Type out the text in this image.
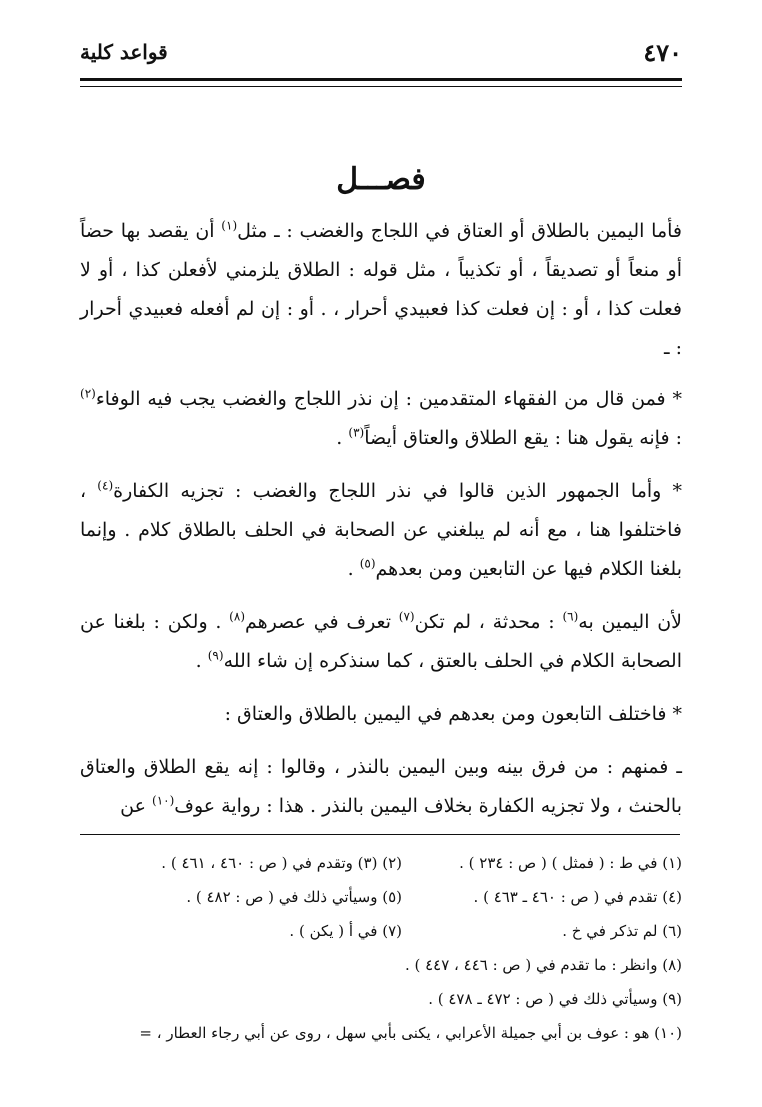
٤٧٠
قواعد كلية
فصـــل

فأما اليمين بالطلاق أو العتاق في اللجاج والغضب : ـ مثل$^{(١)}$ أن يقصد بها حضاً أو منعاً أو تصديقاً ، أو تكذيباً ، مثل قوله : الطلاق يلزمني لأفعلن كذا ، أو لا فعلت كذا ، أو : إن فعلت كذا فعبيدي أحرار ، . أو : إن لم أفعله فعبيدي أحرار : ـ

* فمن قال من الفقهاء المتقدمين : إن نذر اللجاج والغضب يجب فيه الوفاء$^{(٢)}$ : فإنه يقول هنا : يقع الطلاق والعتاق أيضاً$^{(٣)}$ .

* وأما الجمهور الذين قالوا في نذر اللجاج والغضب : تجزيه الكفارة$^{(٤)}$ ، فاختلفوا هنا ، مع أنه لم يبلغني عن الصحابة في الحلف بالطلاق كلام . وإنما بلغنا الكلام فيها عن التابعين ومن بعدهم$^{(٥)}$ .

لأن اليمين به$^{(٦)}$ : محدثة ، لم تكن$^{(٧)}$ تعرف في عصرهم$^{(٨)}$ . ولكن : بلغنا عن الصحابة الكلام في الحلف بالعتق ، كما سنذكره إن شاء الله$^{(٩)}$ .

* فاختلف التابعون ومن بعدهم في اليمين بالطلاق والعتاق :

ـ فمنهم : من فرق بينه وبين اليمين بالنذر ، وقالوا : إنه يقع الطلاق والعتاق بالحنث ، ولا تجزيه الكفارة بخلاف اليمين بالنذر . هذا : رواية عوف$^{(١٠)}$ عن

(١) في ط : ( فمثل ) ( ص : ٢٣٤ ) .
(٢) (٣) وتقدم في ( ص : ٤٦٠ ، ٤٦١ ) .
(٤) تقدم في ( ص : ٤٦٠ ـ ٤٦٣ ) .
(٥) وسيأتي ذلك في ( ص : ٤٨٢ ) .
(٦) لم تذكر في خ .
(٧) في أ ( يكن ) .
(٨) وانظر : ما تقدم في ( ص : ٤٤٦ ، ٤٤٧ ) .
(٩) وسيأتي ذلك في ( ص : ٤٧٢ ـ ٤٧٨ ) .
(١٠) هو : عوف بن أبي جميلة الأعرابي ، يكنى بأبي سهل ، روى عن أبي رجاء العطار ، =
